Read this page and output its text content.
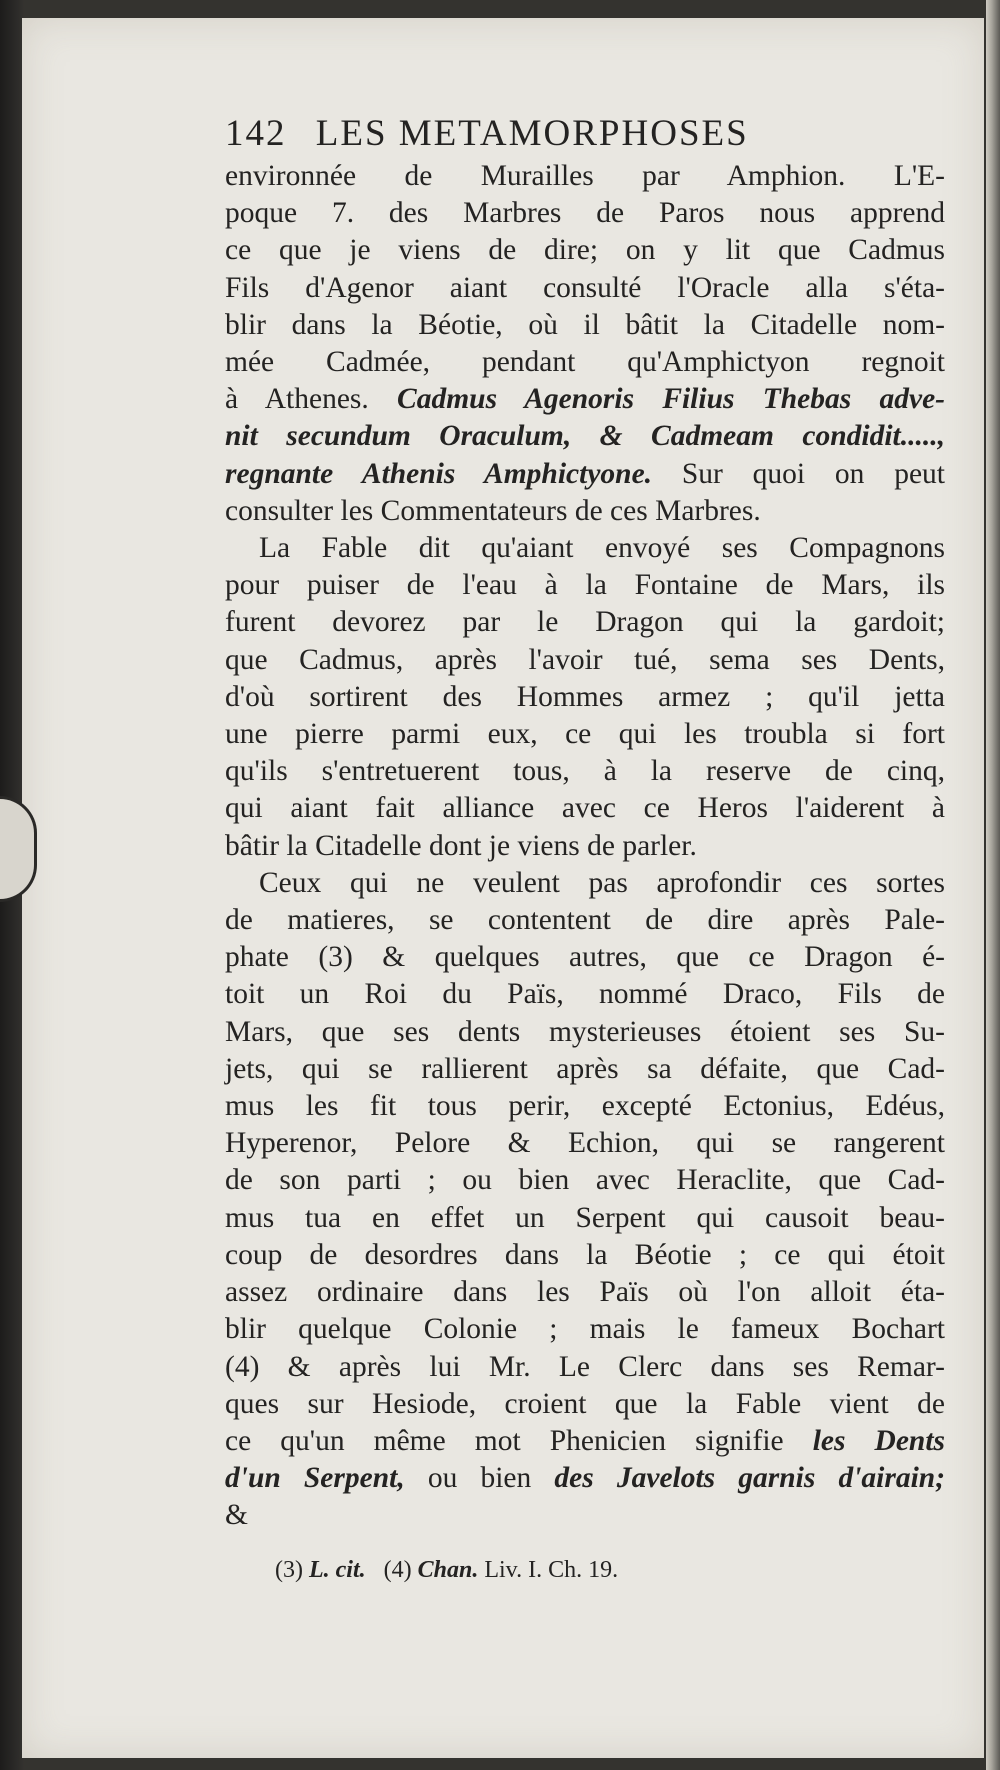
142 LES METAMORPHOSES
environnée de Murailles par Amphion. L'E-
poque 7. des Marbres de Paros nous apprend
ce que je viens de dire; on y lit que Cadmus
Fils d'Agenor aiant consulté l'Oracle alla s'éta-
blir dans la Béotie, où il bâtit la Citadelle nom-
mée Cadmée, pendant qu'Amphictyon regnoit
à Athenes. Cadmus Agenoris Filius Thebas adve-
nit secundum Oraculum, & Cadmeam condidit.....,
regnante Athenis Amphictyone. Sur quoi on peut
consulter les Commentateurs de ces Marbres.
La Fable dit qu'aiant envoyé ses Compagnons
pour puiser de l'eau à la Fontaine de Mars, ils
furent devorez par le Dragon qui la gardoit;
que Cadmus, après l'avoir tué, sema ses Dents,
d'où sortirent des Hommes armez ; qu'il jetta
une pierre parmi eux, ce qui les troubla si fort
qu'ils s'entretuerent tous, à la reserve de cinq,
qui aiant fait alliance avec ce Heros l'aiderent à
bâtir la Citadelle dont je viens de parler.
Ceux qui ne veulent pas aprofondir ces sortes
de matieres, se contentent de dire après Pale-
phate (3) & quelques autres, que ce Dragon é-
toit un Roi du Païs, nommé Draco, Fils de
Mars, que ses dents mysterieuses étoient ses Su-
jets, qui se rallierent après sa défaite, que Cad-
mus les fit tous perir, excepté Ectonius, Edéus,
Hyperenor, Pelore & Echion, qui se rangerent
de son parti ; ou bien avec Heraclite, que Cad-
mus tua en effet un Serpent qui causoit beau-
coup de desordres dans la Béotie ; ce qui étoit
assez ordinaire dans les Païs où l'on alloit éta-
blir quelque Colonie ; mais le fameux Bochart
(4) & après lui Mr. Le Clerc dans ses Remar-
ques sur Hesiode, croient que la Fable vient de
ce qu'un même mot Phenicien signifie les Dents
d'un Serpent, ou bien des Javelots garnis d'airain;
&
(3) L. cit. (4) Chan. Liv. I. Ch. 19.
